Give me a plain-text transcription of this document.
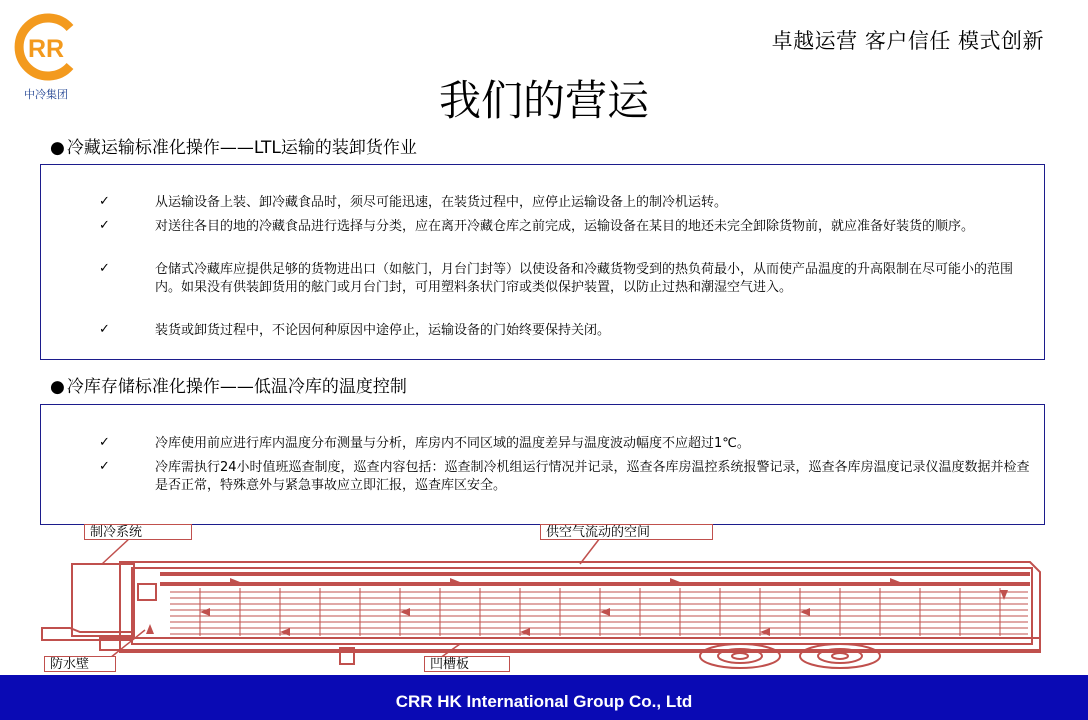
RR
中冷集团
卓越运营 客户信任 模式创新
我们的营运
● 冷藏运输标准化操作——LTL运输的装卸货作业
✓	从运输设备上装、卸冷藏食品时，须尽可能迅速，在装货过程中，应停止运输设备上的制冷机运转。
✓	对送往各目的地的冷藏食品进行选择与分类，应在离开冷藏仓库之前完成，运输设备在某目的地还未完全卸除货物前，就应准备好装货的顺序。
✓	仓储式冷藏库应提供足够的货物进出口（如舷门，月台门封等）以使设备和冷藏货物受到的热负荷最小，从而使产品温度的升高限制在尽可能小的范围内。如果没有供装卸货用的舷门或月台门封，可用塑料条状门帘或类似保护装置，以防止过热和潮湿空气进入。
✓	装货或卸货过程中，不论因何种原因中途停止，运输设备的门始终要保持关闭。
● 冷库存储标准化操作——低温冷库的温度控制
✓	冷库使用前应进行库内温度分布测量与分析，库房内不同区域的温度差异与温度波动幅度不应超过1℃。
✓	冷库需执行24小时值班巡查制度，巡查内容包括：巡查制冷机组运行情况并记录，巡查各库房温控系统报警记录，巡查各库房温度记录仪温度数据并检查是否正常，特殊意外与紧急事故应立即汇报，巡查库区安全。
制冷系统	供空气流动的空间
防水壁	凹槽板
CRR HK International Group Co., Ltd
